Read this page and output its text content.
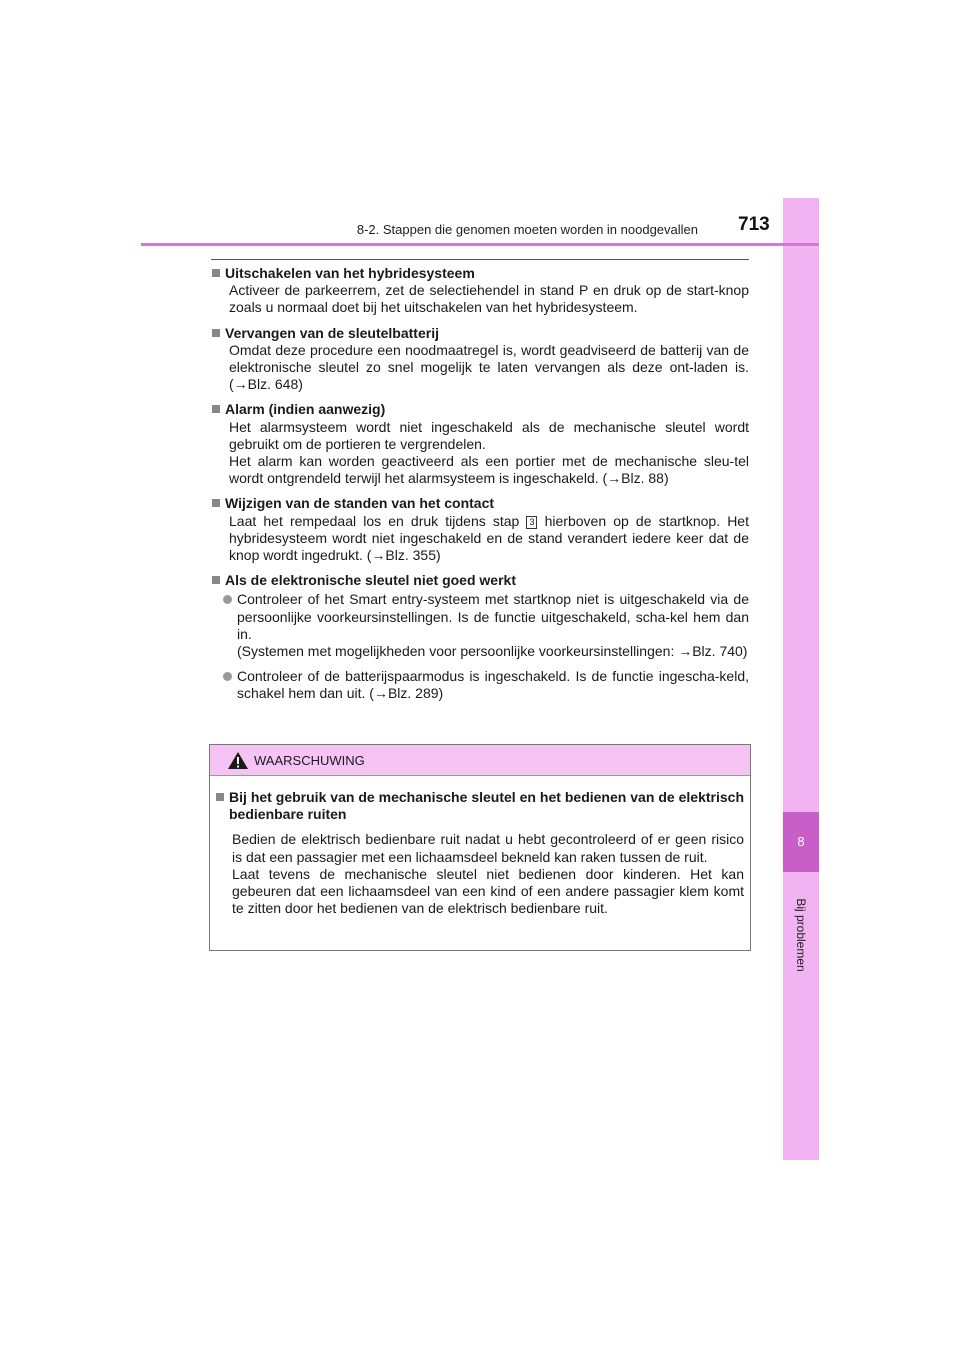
8
Bij problemen
8-2. Stappen die genomen moeten worden in noodgevallen 713
Uitschakelen van het hybridesysteem
Activeer de parkeerrem, zet de selectiehendel in stand P en druk op de start-knop zoals u normaal doet bij het uitschakelen van het hybridesysteem.
Vervangen van de sleutelbatterij
Omdat deze procedure een noodmaatregel is, wordt geadviseerd de batterij van de elektronische sleutel zo snel mogelijk te laten vervangen als deze ont-laden is. (→Blz. 648)
Alarm (indien aanwezig)
Het alarmsysteem wordt niet ingeschakeld als de mechanische sleutel wordt gebruikt om de portieren te vergrendelen.
Het alarm kan worden geactiveerd als een portier met de mechanische sleu-tel wordt ontgrendeld terwijl het alarmsysteem is ingeschakeld. (→Blz. 88)
Wijzigen van de standen van het contact
Laat het rempedaal los en druk tijdens stap 3 hierboven op de startknop. Het hybridesysteem wordt niet ingeschakeld en de stand verandert iedere keer dat de knop wordt ingedrukt. (→Blz. 355)
Als de elektronische sleutel niet goed werkt
Controleer of het Smart entry-systeem met startknop niet is uitgeschakeld via de persoonlijke voorkeursinstellingen. Is de functie uitgeschakeld, scha-kel hem dan in.
(Systemen met mogelijkheden voor persoonlijke voorkeursinstellingen: →Blz. 740)
Controleer of de batterijspaarmodus is ingeschakeld. Is de functie ingescha-keld, schakel hem dan uit. (→Blz. 289)
WAARSCHUWING
Bij het gebruik van de mechanische sleutel en het bedienen van de elektrisch bedienbare ruiten
Bedien de elektrisch bedienbare ruit nadat u hebt gecontroleerd of er geen risico is dat een passagier met een lichaamsdeel bekneld kan raken tussen de ruit.
Laat tevens de mechanische sleutel niet bedienen door kinderen. Het kan gebeuren dat een lichaamsdeel van een kind of een andere passagier klem komt te zitten door het bedienen van de elektrisch bedienbare ruit.
